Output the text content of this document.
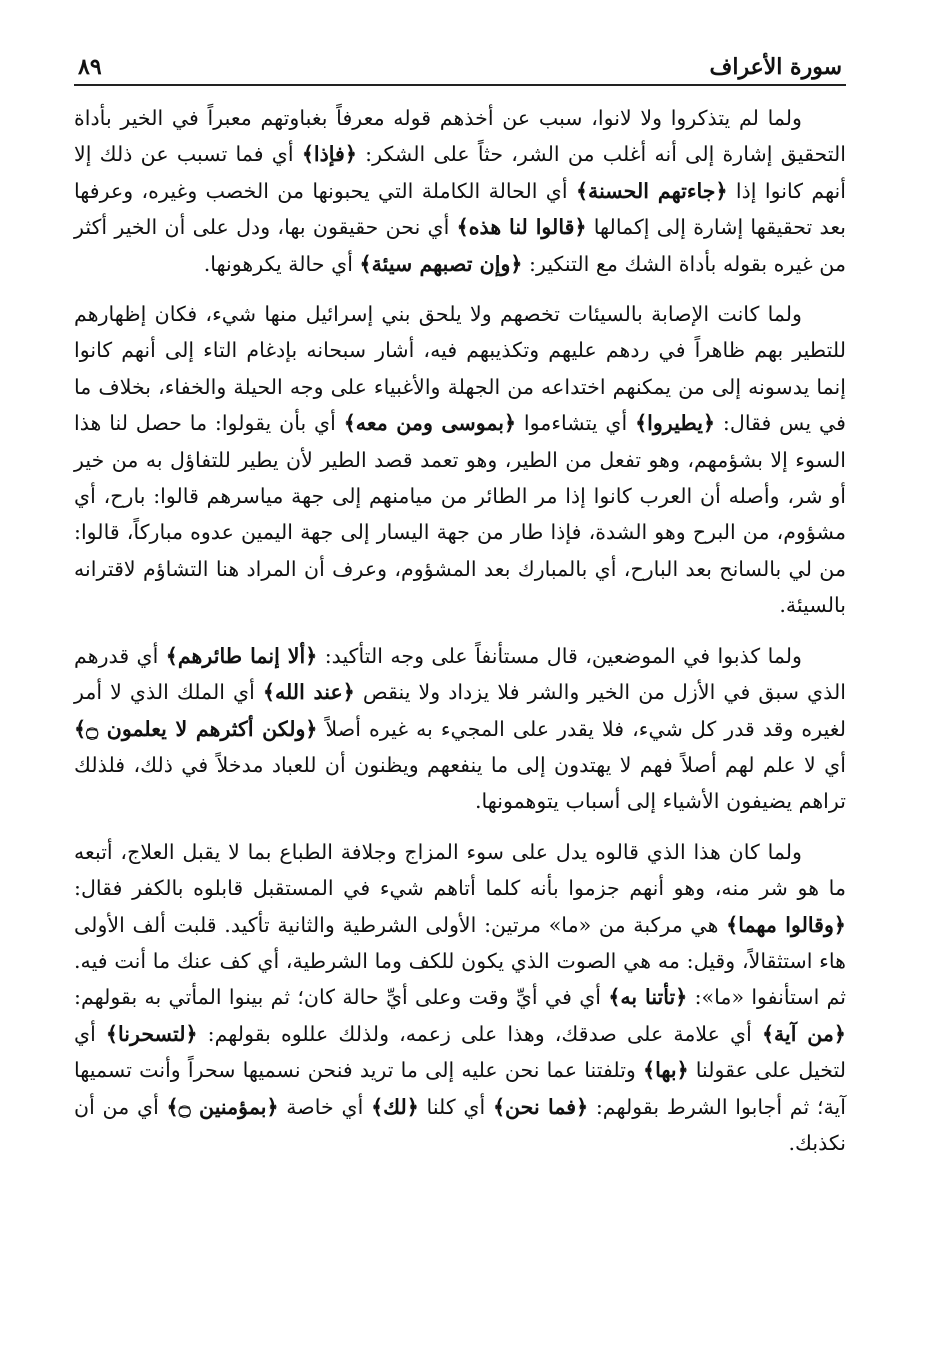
سورة الأعراف
٨٩

ولما لم يتذكروا ولا لانوا، سبب عن أخذهم قوله معرفاً بغباوتهم معبراً في الخير بأداة التحقيق إشارة إلى أنه أغلب من الشر، حثاً على الشكر: ﴿فإذا﴾ أي فما تسبب عن ذلك إلا أنهم كانوا إذا ﴿جاءتهم الحسنة﴾ أي الحالة الكاملة التي يحبونها من الخصب وغيره، وعرفها بعد تحقيقها إشارة إلى إكمالها ﴿قالوا لنا هذه﴾ أي نحن حقيقون بها، ودل على أن الخير أكثر من غيره بقوله بأداة الشك مع التنكير: ﴿وإن تصبهم سيئة﴾ أي حالة يكرهونها.

ولما كانت الإصابة بالسيئات تخصهم ولا يلحق بني إسرائيل منها شيء، فكان إظهارهم للتطير بهم ظاهراً في ردهم عليهم وتكذيبهم فيه، أشار سبحانه بإدغام التاء إلى أنهم كانوا إنما يدسونه إلى من يمكنهم اختداعه من الجهلة والأغبياء على وجه الحيلة والخفاء، بخلاف ما في يس فقال: ﴿يطيروا﴾ أي يتشاءموا ﴿بموسى ومن معه﴾ أي بأن يقولوا: ما حصل لنا هذا السوء إلا بشؤمهم، وهو تفعل من الطير، وهو تعمد قصد الطير لأن يطير للتفاؤل به من خير أو شر، وأصله أن العرب كانوا إذا مر الطائر من ميامنهم إلى جهة مياسرهم قالوا: بارح، أي مشؤوم، من البرح وهو الشدة، فإذا طار من جهة اليسار إلى جهة اليمين عدوه مباركاً، قالوا: من لي بالسانح بعد البارح، أي بالمبارك بعد المشؤوم، وعرف أن المراد هنا التشاؤم لاقترانه بالسيئة.

ولما كذبوا في الموضعين، قال مستأنفاً على وجه التأكيد: ﴿ألا إنما طائرهم﴾ أي قدرهم الذي سبق في الأزل من الخير والشر فلا يزداد ولا ينقص ﴿عند الله﴾ أي الملك الذي لا أمر لغيره وقد قدر كل شيء، فلا يقدر على المجيء به غيره أصلاً ﴿ولكن أكثرهم لا يعلمون ۝﴾ أي لا علم لهم أصلاً فهم لا يهتدون إلى ما ينفعهم ويظنون أن للعباد مدخلاً في ذلك، فلذلك تراهم يضيفون الأشياء إلى أسباب يتوهمونها.

ولما كان هذا الذي قالوه يدل على سوء المزاج وجلافة الطباع بما لا يقبل العلاج، أتبعه ما هو شر منه، وهو أنهم جزموا بأنه كلما أتاهم شيء في المستقبل قابلوه بالكفر فقال: ﴿وقالوا مهما﴾ هي مركبة من «ما» مرتين: الأولى الشرطية والثانية تأكيد. قلبت ألف الأولى هاء استثقالاً، وقيل: مه هي الصوت الذي يكون للكف وما الشرطية، أي كف عنك ما أنت فيه. ثم استأنفوا «ما»: ﴿تأتنا به﴾ أي في أيِّ وقت وعلى أيِّ حالة كان؛ ثم بينوا المأتي به بقولهم: ﴿من آية﴾ أي علامة على صدقك، وهذا على زعمه، ولذلك عللوه بقولهم: ﴿لتسحرنا﴾ أي لتخيل على عقولنا ﴿بها﴾ وتلفتنا عما نحن عليه إلى ما تريد فنحن نسميها سحراً وأنت تسميها آية؛ ثم أجابوا الشرط بقولهم: ﴿فما نحن﴾ أي كلنا ﴿لك﴾ أي خاصة ﴿بمؤمنين ۝﴾ أي من أن نكذبك.
